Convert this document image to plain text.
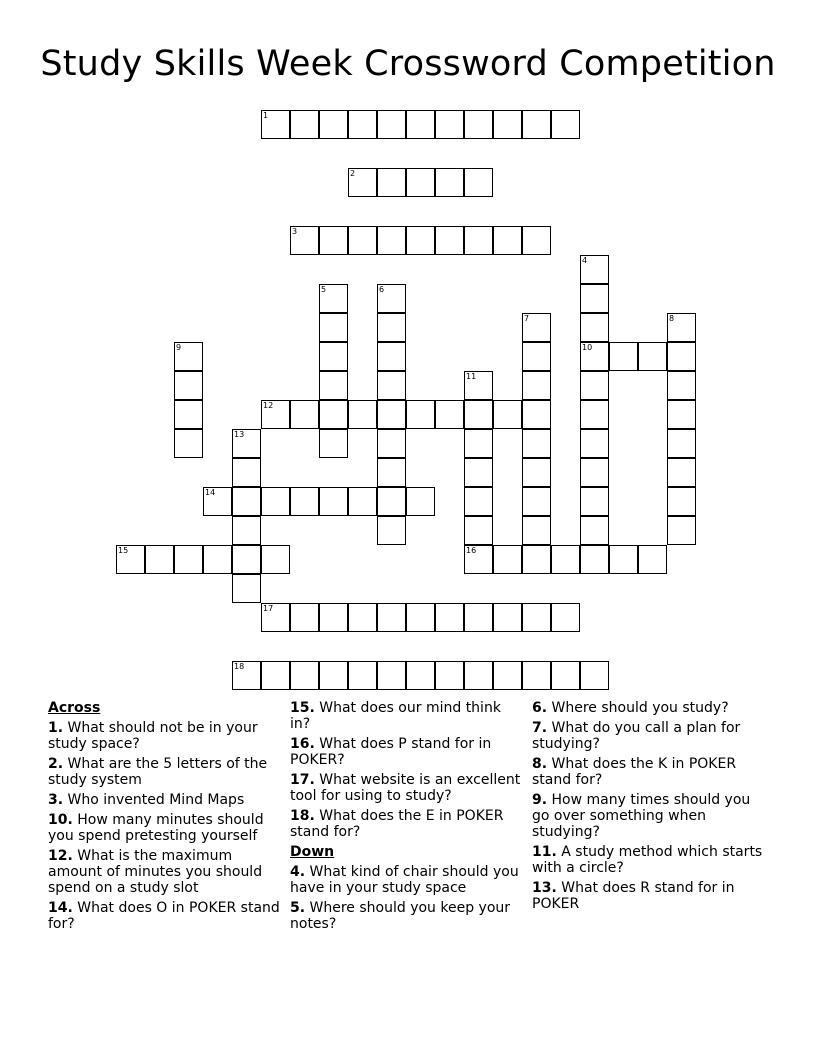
Study Skills Week Crossword Competition
1
2
3
4
10
5	6
7	8
9
11
16
12
13
14
15
17
18
Across
1. What should not be in your study space?
2. What are the 5 letters of the study system
3. Who invented Mind Maps
10. How many minutes should you spend pretesting yourself
12. What is the maximum amount of minutes you should spend on a study slot
14. What does O in POKER stand for?
15. What does our mind think in?
16. What does P stand for in POKER?
17. What website is an excellent tool for using to study?
18. What does the E in POKER stand for?
Down
4. What kind of chair should you have in your study space
5. Where should you keep your notes?
6. Where should you study?
7. What do you call a plan for studying?
8. What does the K in POKER stand for?
9. How many times should you go over something when studying?
11. A study method which starts with a circle?
13. What does R stand for in POKER
